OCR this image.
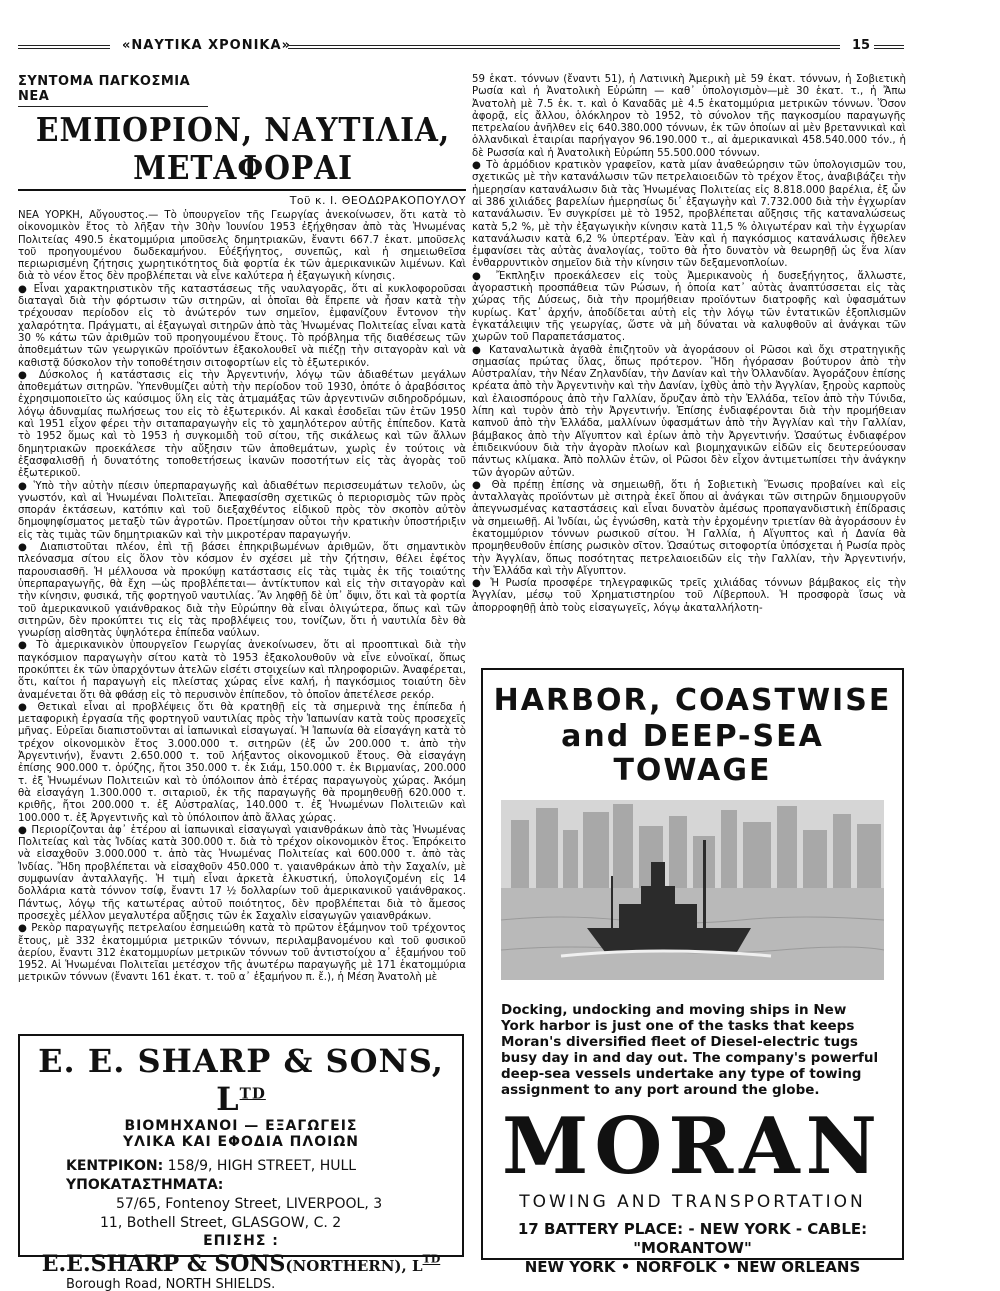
«ΝΑΥΤΙΚΑ ΧΡΟΝΙΚΑ»	15
ΣΥΝΤΟΜΑ ΠΑΓΚΟΣΜΙΑ ΝΕΑ
ΕΜΠΟΡΙΟΝ, ΝΑΥΤΙΛΙΑ, ΜΕΤΑΦΟΡΑΙ
Τοῦ κ. Ι. ΘΕΟΔΩΡΑΚΟΠΟΥΛΟΥ

ΝΕΑ ΥΟΡΚΗ, Αὔγουστος.— Τὸ ὑπουργεῖον τῆς Γεωργίας ἀνεκοίνωσεν, ὅτι κατὰ τὸ οἰκονομικὸν ἔτος τὸ λῆξαν τὴν 30ὴν Ἰουνίου 1953 ἐξήχθησαν ἀπὸ τὰς Ἡνωμένας Πολιτείας 490.5 ἑκατομμύρια μποῦσελς δημητριακῶν, ἔναντι 667.7 ἑκατ. μποῦσελς τοῦ προηγουμένου δωδεκαμήνου. Εὐέξήγητος, συνεπῶς, καὶ ἡ σημειωθεῖσα περιωρισμένη ζήτησις χωρητικότητος διὰ φορτία ἐκ τῶν ἀμερικανικῶν λιμένων. Καὶ διὰ τὸ νέον ἔτος δὲν προβλέπεται νὰ εἶνε καλύτερα ἡ ἐξαγωγικὴ κίνησις.

● Εἶναι χαρακτηριστικὸν τῆς καταστάσεως τῆς ναυλαγορᾶς, ὅτι αἱ κυκλοφοροῦσαι διαταγαὶ διὰ τὴν φόρτωσιν τῶν σιτηρῶν, αἱ ὁποῖαι θὰ ἔπρεπε νὰ ἦσαν κατὰ τὴν τρέχουσαν περίοδον εἰς τὸ ἀνώτερόν των σημεῖον, ἐμφανίζουν ἔντονον τὴν χαλαρότητα. Πράγματι, αἱ ἐξαγωγαὶ σιτηρῶν ἀπὸ τὰς Ἡνωμένας Πολιτείας εἶναι κατὰ 30 % κάτω τῶν ἀριθμῶν τοῦ προηγουμένου ἔτους. Τὸ πρόβλημα τῆς διαθέσεως τῶν ἀποθεμάτων τῶν γεωργικῶν προϊόντων ἐξακολουθεῖ νὰ πιέζῃ τὴν σιταγορὰν καὶ νὰ καθιστᾷ δύσκολον τὴν τοποθέτησιν σιτοφορτίων εἰς τὸ ἐξωτερικόν.

● Δύσκολος ἡ κατάστασις εἰς τὴν Ἀργεντινήν, λόγῳ τῶν ἀδιαθέτων μεγάλων ἀποθεμάτων σιτηρῶν. Ὑπενθυμίζει αὐτὴ τὴν περίοδον τοῦ 1930, ὁπότε ὁ ἀραβόσιτος ἐχρησιμοποιεῖτο ὡς καύσιμος ὕλη εἰς τὰς ἀτμαμάξας τῶν ἀργεντινῶν σιδηροδρόμων, λόγῳ ἀδυναμίας πωλήσεως του εἰς τὸ ἐξωτερικόν. Αἱ κακαὶ ἐσοδεῖαι τῶν ἐτῶν 1950 καὶ 1951 εἶχον φέρει τὴν σιταπαραγωγὴν εἰς τὸ χαμηλότερον αὐτῆς ἐπίπεδον. Κατὰ τὸ 1952 ὅμως καὶ τὸ 1953 ἡ συγκομιδὴ τοῦ σίτου, τῆς σικάλεως καὶ τῶν ἄλλων δημητριακῶν προεκάλεσε τὴν αὔξησιν τῶν ἀποθεμάτων, χωρὶς ἐν τούτοις νὰ ἐξασφαλισθῇ ἡ δυνατότης τοποθετήσεως ἱκανῶν ποσοτήτων εἰς τὰς ἀγορὰς τοῦ ἐξωτερικοῦ.

● Ὑπὸ τὴν αὐτὴν πίεσιν ὑπερπαραγωγῆς καὶ ἀδιαθέτων περισσευμάτων τελοῦν, ὡς γνωστόν, καὶ αἱ Ἡνωμέναι Πολιτεῖαι. Ἀπεφασίσθη σχετικῶς ὁ περιορισμὸς τῶν πρὸς σποράν ἐκτάσεων, κατόπιν καὶ τοῦ διεξαχθέντος εἰδικοῦ πρὸς τὸν σκοπὸν αὐτὸν δημοψηφίσματος μεταξὺ τῶν ἀγροτῶν. Προετίμησαν οὗτοι τὴν κρατικὴν ὑποστήριξιν εἰς τὰς τιμὰς τῶν δημητριακῶν καὶ τὴν μικροτέραν παραγωγήν.

● Διαπιστοῦται πλέον, ἐπὶ τῇ βάσει ἐπηκριβωμένων ἀριθμῶν, ὅτι σημαντικὸν πλεόνασμα σίτου εἰς ὅλον τὸν κόσμον ἐν σχέσει μὲ τὴν ζήτησιν, θέλει ἐφέτος παρουσιασθῆ. Ἡ μέλλουσα νὰ προκύψῃ κατάστασις εἰς τὰς τιμὰς ἐκ τῆς τοιαύτης ὑπερπαραγωγῆς, θὰ ἔχη —ὡς προβλέπεται— ἀντίκτυπον καὶ εἰς τὴν σιταγορὰν καὶ τὴν κίνησιν, φυσικά, τῆς φορτηγοῦ ναυτιλίας. Ἂν ληφθῇ δὲ ὑπ᾽ ὄψιν, ὅτι καὶ τὰ φορτία τοῦ ἀμερικανικοῦ γαιάνθρακος διὰ τὴν Εὐρώπην θὰ εἶναι ὀλιγώτερα, ὅπως καὶ τῶν σιτηρῶν, δὲν προκύπτει τις εἰς τὰς προβλέψεις του, τονίζων, ὅτι ἡ ναυτιλία δὲν θὰ γνωρίσῃ αἰσθητὰς ὑψηλότερα ἐπίπεδα ναύλων.

● Τὸ ἀμερικανικὸν ὑπουργεῖον Γεωργίας ἀνεκοίνωσεν, ὅτι αἱ προοπτικαὶ διὰ τὴν παγκόσμιον παραγωγὴν σίτου κατὰ τὸ 1953 ἐξακολουθοῦν νὰ εἶνε εὐνοϊκαί, ὅπως προκύπτει ἐκ τῶν ὑπαρχόντων ἀτελῶν εἰσέτι στοιχείων καὶ πληροφοριῶν. Ἀναφέρεται, ὅτι, καίτοι ἡ παραγωγὴ εἰς πλείστας χώρας εἶνε καλή, ἡ παγκόσμιος τοιαύτη δὲν ἀναμένεται ὅτι θὰ φθάσῃ εἰς τὸ περυσινὸν ἐπίπεδον, τὸ ὁποῖον ἀπετέλεσε ρεκόρ.

● Θετικαὶ εἶναι αἱ προβλέψεις ὅτι θὰ κρατηθῇ εἰς τὰ σημερινὰ της ἐπίπεδα ἡ μεταφορικὴ ἐργασία τῆς φορτηγοῦ ναυτιλίας πρὸς τὴν Ἰαπωνίαν κατὰ τοὺς προσεχεῖς μῆνας. Εὐρεῖαι διαπιστοῦνται αἱ ἰαπωνικαὶ εἰσαγωγαί. Ἡ Ἰαπωνία θὰ εἰσαγάγη κατὰ τὸ τρέχον οἰκονομικὸν ἔτος 3.000.000 τ. σιτηρῶν (ἐξ ὧν 200.000 τ. ἀπὸ τὴν Ἀργεντινήν), ἔναντι 2.650.000 τ. τοῦ λήξαντος οἰκονομικοῦ ἔτους. Θὰ εἰσαγάγη ἐπίσης 900.000 τ. ὀρύζης, ἤτοι 350.000 τ. ἐκ Σιάμ, 150.000 τ. ἐκ Βιρμανίας, 200.000 τ. ἐξ Ἡνωμένων Πολιτειῶν καὶ τὸ ὑπόλοιπον ἀπὸ ἑτέρας παραγωγοὺς χώρας. Ἀκόμη θὰ εἰσαγάγη 1.300.000 τ. σιταριοῦ, ἐκ τῆς παραγωγῆς θὰ προμηθευθῇ 620.000 τ. κριθῆς, ἤτοι 200.000 τ. ἐξ Αὐστραλίας, 140.000 τ. ἐξ Ἡνωμένων Πολιτειῶν καὶ 100.000 τ. ἐξ Ἀργεντινῆς καὶ τὸ ὑπόλοιπον ἀπὸ ἄλλας χώρας.

● Περιορίζονται ἀφ᾽ ἑτέρου αἱ ἰαπωνικαὶ εἰσαγωγαὶ γαιανθράκων ἀπὸ τὰς Ἡνωμένας Πολιτείας καὶ τὰς Ἰνδίας κατὰ 300.000 τ. διὰ τὸ τρέχον οἰκονομικὸν ἔτος. Ἐπρόκειτο νὰ εἰσαχθοῦν 3.000.000 τ. ἀπὸ τὰς Ἡνωμένας Πολιτείας καὶ 600.000 τ. ἀπὸ τὰς Ἰνδίας. Ἤδη προβλέπεται νὰ εἰσαχθοῦν 450.000 τ. γαιανθράκων ἀπὸ τὴν Σαχαλίν, μὲ συμφωνίαν ἀνταλλαγῆς. Ἡ τιμὴ εἶναι ἀρκετὰ ἑλκυστική, ὑπολογιζομένη εἰς 14 δολλάρια κατὰ τόννον τσίφ, ἔναντι 17 ½ δολλαρίων τοῦ ἀμερικανικοῦ γαιάνθρακος. Πάντως, λόγῳ τῆς κατωτέρας αὐτοῦ ποιότητος, δὲν προβλέπεται διὰ τὸ ἄμεσος προσεχὲς μέλλον μεγαλυτέρα αὔξησις τῶν ἐκ Σαχαλὶν εἰσαγωγῶν γαιανθράκων.

● Ρεκὸρ παραγωγῆς πετρελαίου ἐσημειώθη κατὰ τὸ πρῶτον ἑξάμηνον τοῦ τρέχοντος ἔτους, μὲ 332 ἑκατομμύρια μετρικῶν τόννων, περιλαμβανομένου καὶ τοῦ φυσικοῦ ἀερίου, ἔναντι 312 ἑκατομμυρίων μετρικῶν τόννων τοῦ ἀντιστοίχου α᾽ ἑξαμήνου τοῦ 1952. Αἱ Ἡνωμέναι Πολιτεῖαι μετέσχον τῆς ἀνωτέρω παραγωγῆς μὲ 171 ἑκατομμύρια μετρικῶν τόννων (ἔναντι 161 ἑκατ. τ. τοῦ α᾽ ἑξαμήνου π. ἔ.), ἡ Μέση Ἀνατολὴ μὲ

59 ἑκατ. τόννων (ἔναντι 51), ἡ Λατινικὴ Ἀμερικὴ μὲ 59 ἑκατ. τόννων, ἡ Σοβιετικὴ Ρωσία καὶ ἡ Ἀνατολικὴ Εὐρώπη — καθ᾽ ὑπολογισμὸν—μὲ 30 ἑκατ. τ., ἡ Ἄπω Ἀνατολὴ μὲ 7.5 ἑκ. τ. καὶ ὁ Καναδᾶς μὲ 4.5 ἑκατομμύρια μετρικῶν τόννων. Ὅσον ἀφορᾷ, εἰς ἄλλου, ὁλόκληρον τὸ 1952, τὸ σύνολον τῆς παγκοσμίου παραγωγῆς πετρελαίου ἀνῆλθεν εἰς 640.380.000 τόννων, ἐκ τῶν ὁποίων αἱ μὲν βρεταννικαὶ καὶ ὁλλανδικαὶ ἑταιρίαι παρήγαγον 96.190.000 τ., αἱ ἀμερικανικαὶ 458.540.000 τόν., ἡ δὲ Ρωσσία καὶ ἡ Ἀνατολικὴ Εὐρώπη 55.500.000 τόννων.

● Τὸ ἁρμόδιον κρατικὸν γραφεῖον, κατὰ μίαν ἀναθεώρησιν τῶν ὑπολογισμῶν του, σχετικῶς μὲ τὴν κατανάλωσιν τῶν πετρελαιοειδῶν τὸ τρέχον ἔτος, ἀναβιβάζει τὴν ἡμερησίαν κατανάλωσιν διὰ τὰς Ἡνωμένας Πολιτείας εἰς 8.818.000 βαρέλια, ἐξ ὧν αἱ 386 χιλιάδες βαρελίων ἡμερησίως δι᾽ ἐξαγωγὴν καὶ 7.732.000 διὰ τὴν ἐγχωρίαν κατανάλωσιν. Ἐν συγκρίσει μὲ τὸ 1952, προβλέπεται αὔξησις τῆς καταναλώσεως κατὰ 5,2 %, μὲ τὴν ἐξαγωγικὴν κίνησιν κατὰ 11,5 % ὀλιγωτέραν καὶ τὴν ἐγχωρίαν κατανάλωσιν κατὰ 6,2 % ὑπερτέραν. Ἐὰν καὶ ἡ παγκόσμιος κατανάλωσις ἤθελεν ἐμφανίσει τὰς αὐτὰς ἀναλογίας, τοῦτο θὰ ἦτο δυνατὸν νὰ θεωρηθῇ ὡς ἕνα λίαν ἐνθαρρυντικὸν σημεῖον διὰ τὴν κίνησιν τῶν δεξαμενοπλοίων.

● Ἔκπληξιν προεκάλεσεν εἰς τοὺς Ἀμερικανοὺς ἡ δυσεξήγητος, ἄλλωστε, ἀγοραστικὴ προσπάθεια τῶν Ρώσων, ἡ ὁποία κατ᾽ αὐτὰς ἀναπτύσσεται εἰς τὰς χώρας τῆς Δύσεως, διὰ τὴν προμήθειαν προϊόντων διατροφῆς καὶ ὑφασμάτων κυρίως. Κατ᾽ ἀρχήν, ἀποδίδεται αὐτὴ εἰς τὴν λόγῳ τῶν ἐντατικῶν ἐξοπλισμῶν ἐγκατάλειψιν τῆς γεωργίας, ὥστε νὰ μὴ δύναται νὰ καλυφθοῦν αἱ ἀνάγκαι τῶν χωρῶν τοῦ Παραπετάσματος.

● Καταναλωτικὰ ἀγαθὰ ἐπιζητοῦν νὰ ἀγοράσουν οἱ Ρῶσοι καὶ ὄχι στρατηγικῆς σημασίας πρώτας ὕλας, ὅπως πρότερον. Ἤδη ἠγόρασαν βούτυρον ἀπὸ τὴν Αὐστραλίαν, τὴν Νέαν Ζηλανδίαν, τὴν Δανίαν καὶ τὴν Ὀλλανδίαν. Ἀγοράζουν ἐπίσης κρέατα ἀπὸ τὴν Ἀργεντινὴν καὶ τὴν Δανίαν, ἰχθὺς ἀπὸ τὴν Ἀγγλίαν, ξηροὺς καρποὺς καὶ ἐλαιοσπόρους ἀπὸ τὴν Γαλλίαν, ὄρυζαν ἀπὸ τὴν Ἑλλάδα, τεῖον ἀπὸ τὴν Τύνιδα, λίπη καὶ τυρὸν ἀπὸ τὴν Ἀργεντινήν. Ἐπίσης ἐνδιαφέρονται διὰ τὴν προμήθειαν καπνοῦ ἀπὸ τὴν Ἑλλάδα, μαλλίνων ὑφασμάτων ἀπὸ τὴν Ἀγγλίαν καὶ τὴν Γαλλίαν, βάμβακος ἀπὸ τὴν Αἴγυπτον καὶ ἐρίων ἀπὸ τὴν Ἀργεντινήν. Ὡσαύτως ἐνδιαφέρον ἐπιδεικνύουν διὰ τὴν ἀγορὰν πλοίων καὶ βιομηχανικῶν εἰδῶν εἰς δευτερεύουσαν πάντως κλίμακα. Ἀπὸ πολλῶν ἐτῶν, οἱ Ρῶσοι δὲν εἶχον ἀντιμετωπίσει τὴν ἀνάγκην τῶν ἀγορῶν αὐτῶν.

● Θὰ πρέπῃ ἐπίσης νὰ σημειωθῇ, ὅτι ἡ Σοβιετικὴ Ἕνωσις προβαίνει καὶ εἰς ἀνταλλαγὰς προϊόντων μὲ σιτηρὰ ἐκεῖ ὅπου αἱ ἀνάγκαι τῶν σιτηρῶν δημιουργοῦν ἀπεγνωσμένας καταστάσεις καὶ εἶναι δυνατὸν ἀμέσως προπαγανδιστικὴ ἐπίδρασις νὰ σημειωθῇ. Αἱ Ἰνδίαι, ὡς ἐγνώσθη, κατὰ τὴν ἐρχομένην τριετίαν θὰ ἀγοράσουν ἐν ἑκατομμύριον τόννων ρωσικοῦ σίτου. Ἡ Γαλλία, ἡ Αἴγυπτος καὶ ἡ Δανία θὰ προμηθευθοῦν ἐπίσης ρωσικὸν σῖτον. Ὡσαύτως σιτοφορτία ὑπόσχεται ἡ Ρωσία πρὸς τὴν Ἀγγλίαν, ὅπως ποσότητας πετρελαιοειδῶν εἰς τὴν Γαλλίαν, τὴν Ἀργεντινήν, τὴν Ἑλλάδα καὶ τὴν Αἴγυπτον.

● Ἡ Ρωσία προσφέρε τηλεγραφικῶς τρεῖς χιλιάδας τόννων βάμβακος εἰς τὴν Ἀγγλίαν, μέσῳ τοῦ Χρηματιστηρίου τοῦ Λίβερπουλ. Ἡ προσφορὰ ἴσως νὰ ἀπορροφηθῇ ἀπὸ τοὺς εἰσαγωγεῖς, λόγῳ ἀκαταλλήλοτη-

E. E. SHARP & SONS, $L^{TD}$
ΒΙΟΜΗΧΑΝΟΙ — ΕΞΑΓΩΓΕΙΣ
ΥΛΙΚΑ ΚΑΙ ΕΦΟΔΙΑ ΠΛΟΙΩΝ
ΚΕΝΤΡΙΚΟΝ: 158/9, HIGH STREET, HULL
ΥΠΟΚΑΤΑΣΤΗΜΑΤΑ:
57/65, Fontenoy Street, LIVERPOOL, 3
11, Bothell Street, GLASGOW, C. 2
ΕΠΙΣΗΣ :
E.E.SHARP & SONS(NORTHERN), $L^{TD}$
Borough Road, NORTH SHIELDS.
HARBOR, COASTWISE
and DEEP-SEA TOWAGE
Docking, undocking and moving ships in New York harbor is just one of the tasks that keeps Moran's diversified fleet of Diesel-electric tugs busy day in and day out. The company's powerful deep-sea vessels undertake any type of towing assignment to any port around the globe.
MORAN
TOWING AND TRANSPORTATION
17 BATTERY PLACE: - NEW YORK - CABLE: "MORANTOW"
NEW YORK • NORFOLK • NEW ORLEANS
